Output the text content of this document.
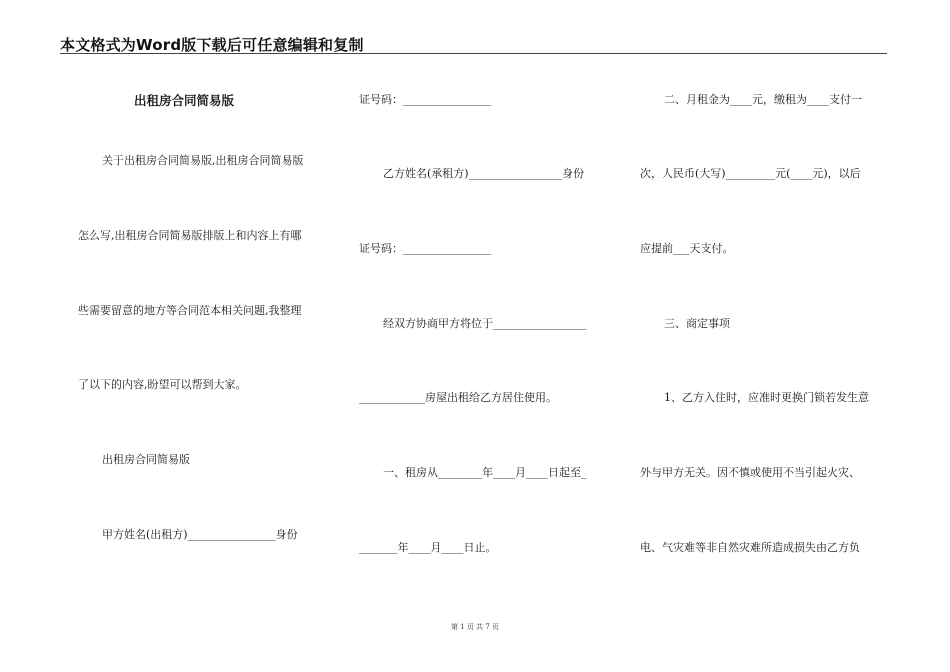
本文格式为Word版下载后可任意编辑和复制
出租房合同简易版
关于出租房合同简易版,出租房合同简易版
怎么写,出租房合同简易版排版上和内容上有哪
些需要留意的地方等合同范本相关问题,我整理
了以下的内容,盼望可以帮到大家。
出租房合同简易版
甲方姓名(出租方)________________身份
证号码：________________
乙方姓名(承租方)_________________身份
证号码：________________
经双方协商甲方将位于_________________
____________房屋出租给乙方居住使用。
一、租房从________年____月____日起至_
_______年____月____日止。
二、月租金为____元，缴租为____支付一
次，人民币(大写)_________元(____元)，以后
应提前___天支付。
三、商定事项
1、乙方入住时，应准时更换门锁若发生意
外与甲方无关。因不慎或使用不当引起火灾、
电、气灾难等非自然灾难所造成损失由乙方负
第 1 页 共 7 页
